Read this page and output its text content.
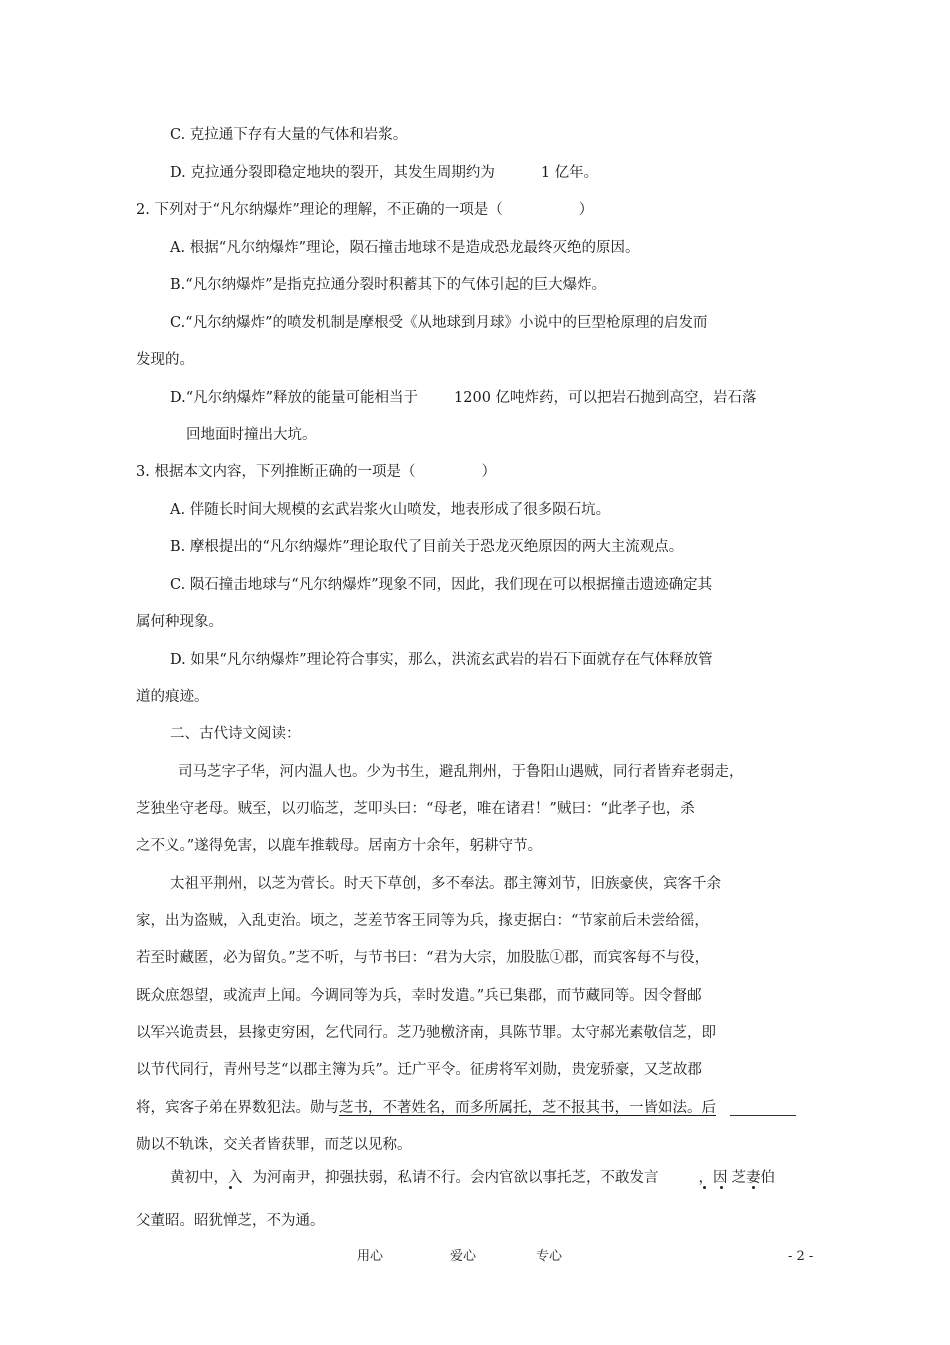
C. 克拉通下存有大量的气体和岩浆。
D. 克拉通分裂即稳定地块的裂开，其发生周期约为	1 亿年。
2. 下列对于“凡尔纳爆炸”理论的理解，不正确的一项是（	）
A. 根据“凡尔纳爆炸”理论，陨石撞击地球不是造成恐龙最终灭绝的原因。
B.“凡尔纳爆炸”是指克拉通分裂时积蓄其下的气体引起的巨大爆炸。
C.“凡尔纳爆炸”的喷发机制是摩根受《从地球到月球》小说中的巨型枪原理的启发而
发现的。
D.“凡尔纳爆炸”释放的能量可能相当于 1200 亿吨炸药，可以把岩石抛到高空，岩石落
回地面时撞出大坑。
3. 根据本文内容，下列推断正确的一项是（	）
A. 伴随长时间大规模的玄武岩浆火山喷发，地表形成了很多陨石坑。
B. 摩根提出的“凡尔纳爆炸”理论取代了目前关于恐龙灭绝原因的两大主流观点。
C. 陨石撞击地球与“凡尔纳爆炸”现象不同，因此，我们现在可以根据撞击遗迹确定其
属何种现象。
D. 如果“凡尔纳爆炸”理论符合事实，那么，洪流玄武岩的岩石下面就存在气体释放管
道的痕迹。
二、古代诗文阅读：
司马芝字子华，河内温人也。少为书生，避乱荆州，于鲁阳山遇贼，同行者皆弃老弱走，
芝独坐守老母。贼至，以刃临芝，芝叩头曰：“母老，唯在诸君！”贼曰：“此孝子也，杀
之不义。”遂得免害，以鹿车推载母。居南方十余年，躬耕守节。
太祖平荆州，以芝为菅长。时天下草创，多不奉法。郡主簿刘节，旧族豪侠，宾客千余
家，出为盗贼，入乱吏治。顷之，芝差节客王同等为兵，掾吏据白：“节家前后未尝给徭，
若至时藏匿，必为留负。”芝不听，与节书曰：“君为大宗，加股肱①郡，而宾客每不与役，
既众庶怨望，或流声上闻。今调同等为兵，幸时发遣。”兵已集郡，而节藏同等。因令督邮
以军兴诡责县，县掾吏穷困，乞代同行。芝乃驰檄济南，具陈节罪。太守郝光素敬信芝，即
以节代同行，青州号芝“以郡主簿为兵”。迁广平令。征虏将军刘勋，贵宠骄豪，又芝故郡
将，宾客子弟在界数犯法。勋与芝书，不著姓名，而多所属托，芝不报其书，一皆如法。后
勋以不轨诛，交关者皆获罪，而芝以见称。
黄初中，入 为河南尹，抑强扶弱，私请不行。会内官欲以事托芝，不敢发言	，因 芝妻伯
父董昭。昭犹惮芝，不为通。
用心	爱心	专心	- 2 -
